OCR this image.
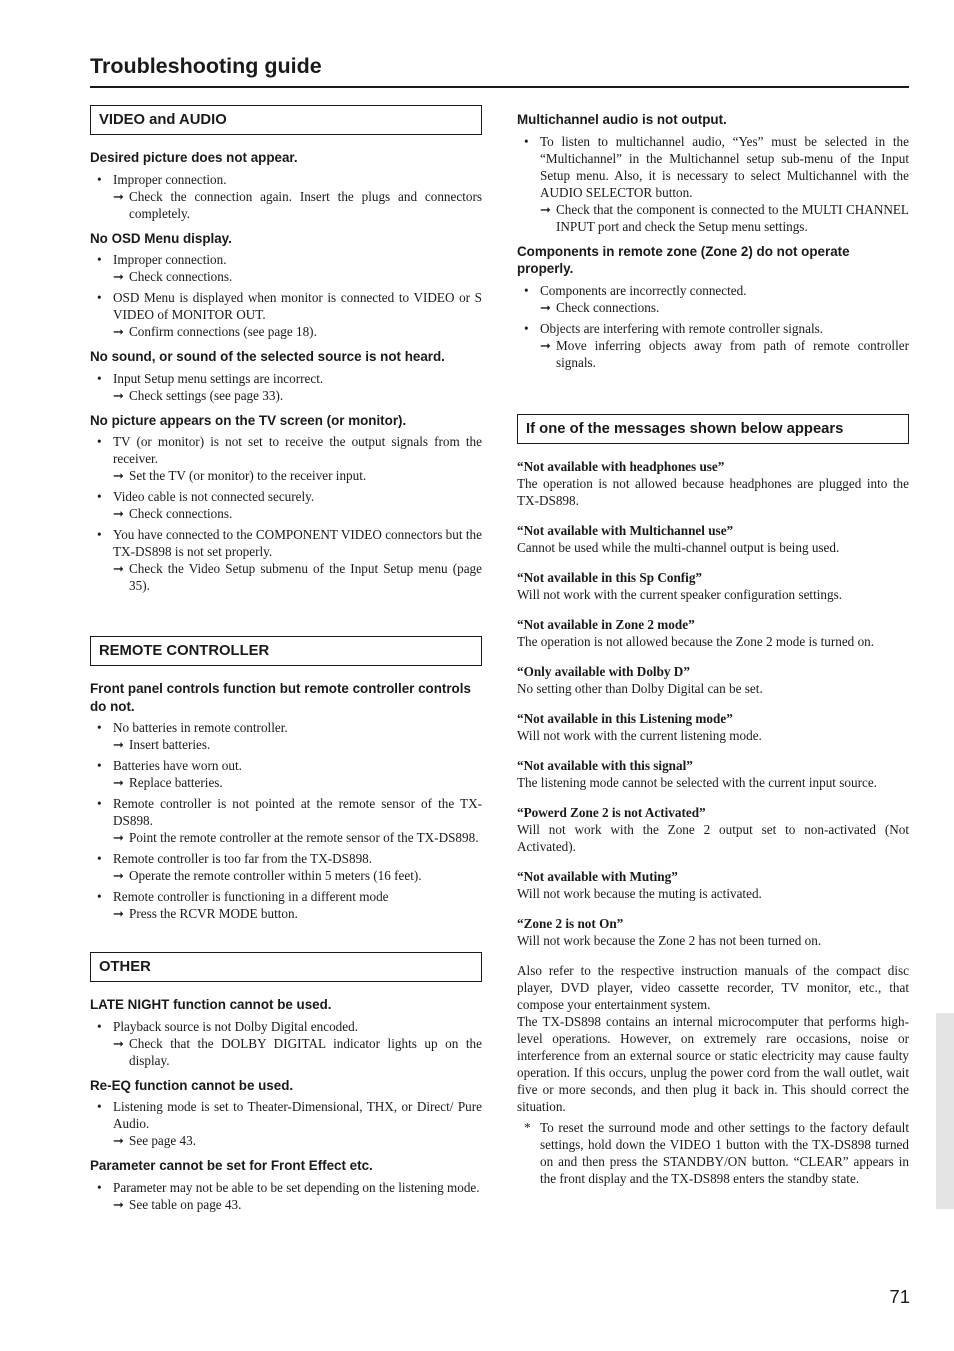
Troubleshooting guide
VIDEO and AUDIO
Desired picture does not appear.
• Improper connection.
➞ Check the connection again. Insert the plugs and connectors completely.
No OSD Menu display.
• Improper connection.
➞ Check connections.
• OSD Menu is displayed when monitor is connected to VIDEO or S VIDEO of MONITOR OUT.
➞ Confirm connections (see page 18).
No sound, or sound of the selected source is not heard.
• Input Setup menu settings are incorrect.
➞ Check settings (see page 33).
No picture appears on the TV screen (or monitor).
• TV (or monitor) is not set to receive the output signals from the receiver.
➞ Set the TV (or monitor) to the receiver input.
• Video cable is not connected securely.
➞ Check connections.
• You have connected to the COMPONENT VIDEO connectors but the TX-DS898 is not set properly.
➞ Check the Video Setup submenu of the Input Setup menu (page 35).
REMOTE CONTROLLER
Front panel controls function but remote controller controls do not.
• No batteries in remote controller.
➞ Insert batteries.
• Batteries have worn out.
➞ Replace batteries.
• Remote controller is not pointed at the remote sensor of the TX-DS898.
➞ Point the remote controller at the remote sensor of the TX-DS898.
• Remote controller is too far from the TX-DS898.
➞ Operate the remote controller within 5 meters (16 feet).
• Remote controller is functioning in a different mode
➞ Press the RCVR MODE button.
OTHER
LATE NIGHT function cannot be used.
• Playback source is not Dolby Digital encoded.
➞ Check that the DOLBY DIGITAL indicator lights up on the display.
Re-EQ function cannot be used.
• Listening mode is set to Theater-Dimensional, THX, or Direct/ Pure Audio.
➞ See page 43.
Parameter cannot be set for Front Effect etc.
• Parameter may not be able to be set depending on the listening mode.
➞ See table on page 43.
Multichannel audio is not output.
• To listen to multichannel audio, “Yes” must be selected in the “Multichannel” in the Multichannel setup sub-menu of the Input Setup menu. Also, it is necessary to select Multichannel with the AUDIO SELECTOR button.
➞ Check that the component is connected to the MULTI CHANNEL INPUT port and check the Setup menu settings.
Components in remote zone (Zone 2) do not operate properly.
• Components are incorrectly connected.
➞ Check connections.
• Objects are interfering with remote controller signals.
➞ Move inferring objects away from path of remote controller signals.
If one of the messages shown below appears
“Not available with headphones use”
The operation is not allowed because headphones are plugged into the TX-DS898.
“Not available with Multichannel use”
Cannot be used while the multi-channel output is being used.
“Not available in this Sp Config”
Will not work with the current speaker configuration settings.
“Not available in Zone 2 mode”
The operation is not allowed because the Zone 2 mode is turned on.
“Only available with Dolby D”
No setting other than Dolby Digital can be set.
“Not available in this Listening mode”
Will not work with the current listening mode.
“Not available with this signal”
The listening mode cannot be selected with the current input source.
“Powerd Zone 2 is not Activated”
Will not work with the Zone 2 output set to non-activated (Not Activated).
“Not available with Muting”
Will not work because the muting is activated.
“Zone 2 is not On”
Will not work because the Zone 2 has not been turned on.

Also refer to the respective instruction manuals of the compact disc player, DVD player, video cassette recorder, TV monitor, etc., that compose your entertainment system.

The TX-DS898 contains an internal microcomputer that performs high-level operations. However, on extremely rare occasions, noise or interference from an external source or static electricity may cause faulty operation. If this occurs, unplug the power cord from the wall outlet, wait five or more seconds, and then plug it back in. This should correct the situation.

* To reset the surround mode and other settings to the factory default settings, hold down the VIDEO 1 button with the TX-DS898 turned on and then press the STANDBY/ON button. “CLEAR” appears in the front display and the TX-DS898 enters the standby state.
71
